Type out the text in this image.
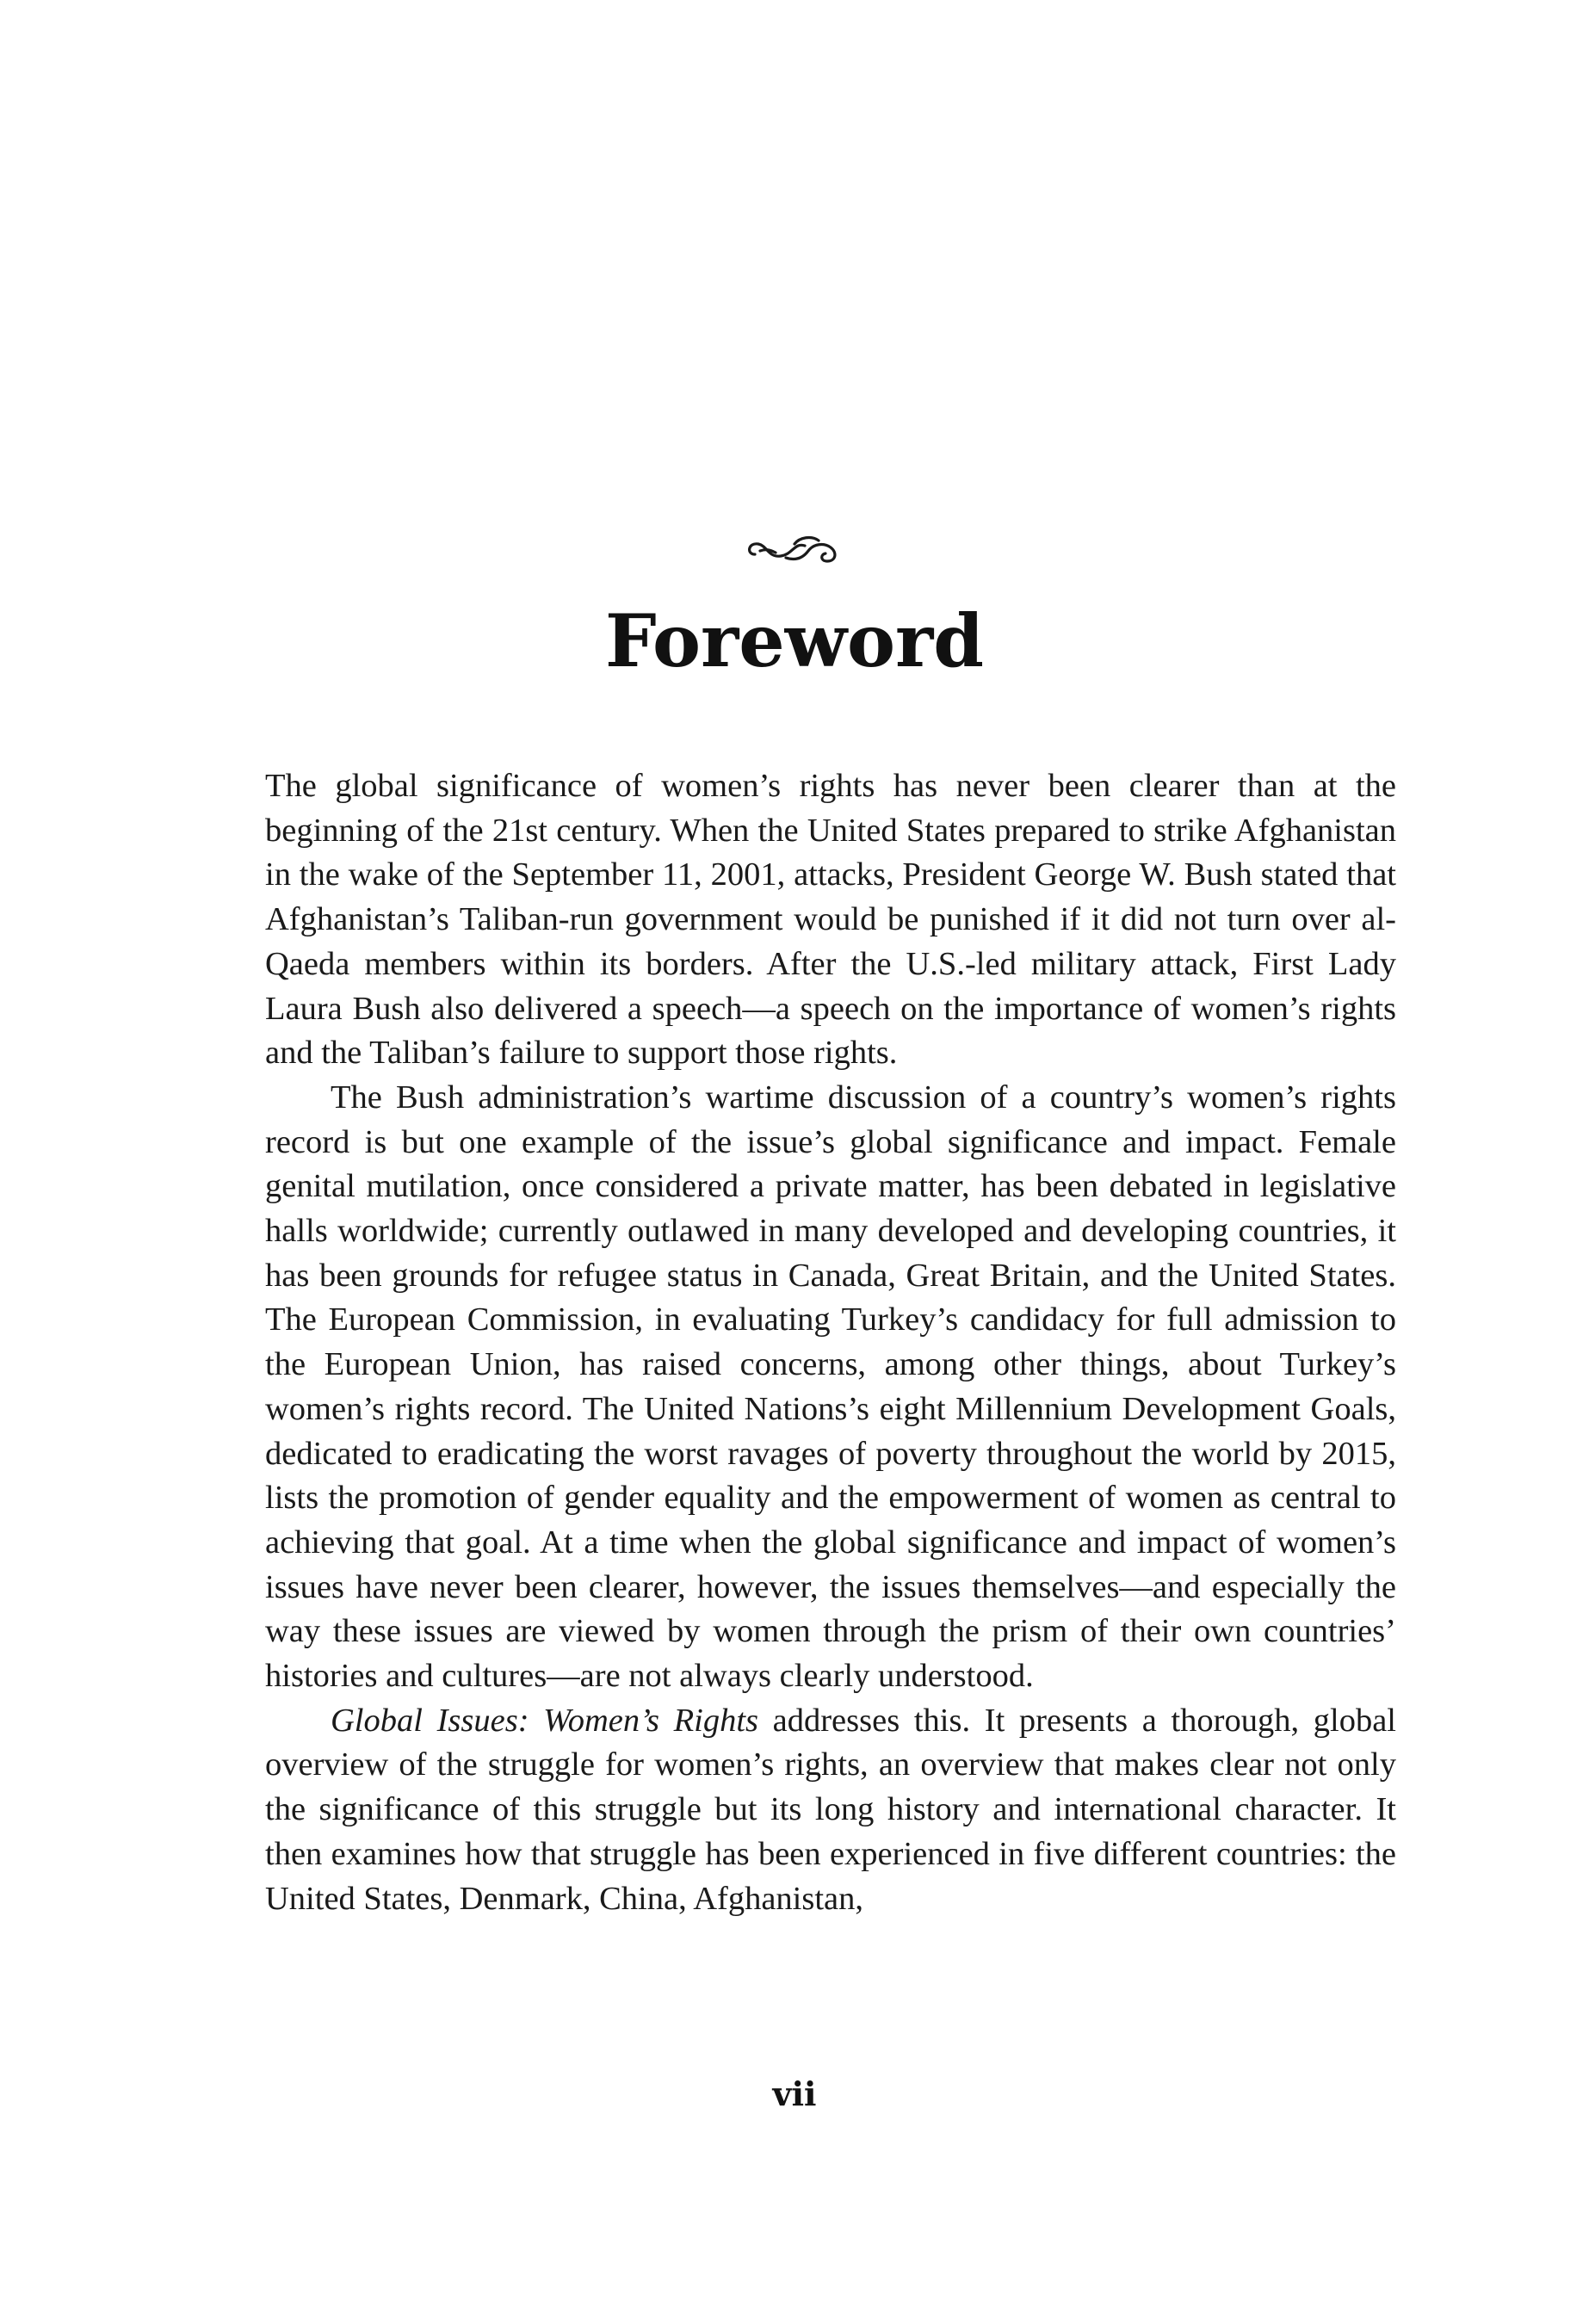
Foreword

The global significance of women’s rights has never been clearer than at the beginning of the 21st century. When the United States prepared to strike Afghanistan in the wake of the September 11, 2001, attacks, President George W. Bush stated that Afghanistan’s Taliban-run government would be punished if it did not turn over al-Qaeda members within its borders. After the U.S.-led military attack, First Lady Laura Bush also delivered a speech—a speech on the importance of women’s rights and the Taliban’s failure to support those rights.

The Bush administration’s wartime discussion of a country’s women’s rights record is but one example of the issue’s global significance and impact. Female genital mutilation, once considered a private matter, has been debated in legislative halls worldwide; currently outlawed in many developed and developing countries, it has been grounds for refugee status in Canada, Great Britain, and the United States. The European Commission, in evaluating Turkey’s candidacy for full admission to the European Union, has raised concerns, among other things, about Turkey’s women’s rights record. The United Nations’s eight Millennium Development Goals, dedicated to eradicating the worst ravages of poverty throughout the world by 2015, lists the promotion of gender equality and the empowerment of women as central to achieving that goal. At a time when the global significance and impact of women’s issues have never been clearer, however, the issues themselves—and especially the way these issues are viewed by women through the prism of their own countries’ histories and cultures—are not always clearly understood.

Global Issues: Women’s Rights addresses this. It presents a thorough, global overview of the struggle for women’s rights, an overview that makes clear not only the significance of this struggle but its long history and international character. It then examines how that struggle has been experienced in five different countries: the United States, Denmark, China, Afghanistan,

vii
